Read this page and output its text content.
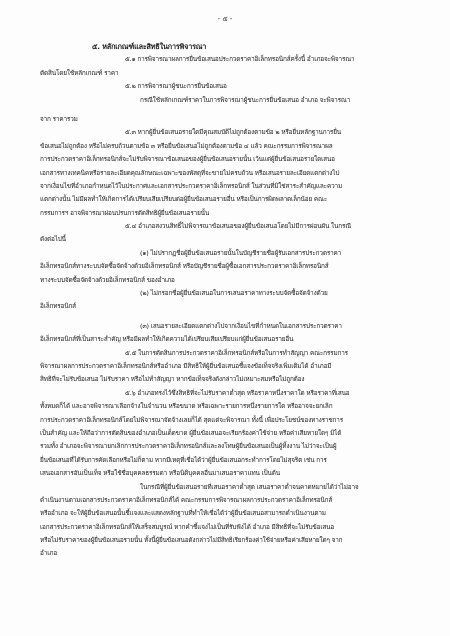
- ๕ -
๕. หลักเกณฑ์และสิทธิในการพิจารณา
๕.๑ การพิจารณาผลการยื่นข้อเสนอประกวดราคาอิเล็กทรอนิกส์ครั้งนี้ อำเภอจะพิจารณา
ตัดสินโดยใช้หลักเกณฑ์ ราคา
๕.๒ การพิจารณาผู้ชนะการยื่นข้อเสนอ
กรณีใช้หลักเกณฑ์ราคาในการพิจารณาผู้ชนะการยื่นข้อเสนอ อำเภอ จะพิจารณา
จาก ราคารวม
๕.๓ หากผู้ยื่นข้อเสนอรายใดมีคุณสมบัติไม่ถูกต้องตามข้อ ๒ หรือยื่นหลักฐานการยื่น
ข้อเสนอไม่ถูกต้อง หรือไม่ครบถ้วนตามข้อ ๓ หรือยื่นข้อเสนอไม่ถูกต้องตามข้อ ๔ แล้ว คณะกรรมการพิจารณาผล
การประกวดราคาอิเล็กทรอนิกส์จะไม่รับพิจารณาข้อเสนอของผู้ยื่นข้อเสนอรายนั้น เว้นแต่ผู้ยื่นข้อเสนอรายใดเสนอ
เอกสารทางเทคนิคหรือรายละเอียดคุณลักษณะเฉพาะของพัสดุที่จะขายไม่ครบถ้วน หรือเสนอรายละเอียดแตกต่างไป
จากเงื่อนไขที่อำเภอกำหนดไว้ในประกาศและเอกสารประกวดราคาอิเล็กทรอนิกส์ ในส่วนที่มิใช่สาระสำคัญและความ
แตกต่างนั้น ไม่มีผลทำให้เกิดการได้เปรียบเสียเปรียบต่อผู้ยื่นข้อเสนอรายอื่น หรือเป็นการผิดพลาดเล็กน้อย คณะ
กรรมการฯ อาจพิจารณาผ่อนปรนการตัดสิทธิผู้ยื่นข้อเสนอรายนั้น
๕.๔ อำเภอสงวนสิทธิ์ไม่พิจารณาข้อเสนอของผู้ยื่นข้อเสนอโดยไม่มีการผ่อนผัน ในกรณี
ดังต่อไปนี้
(๑) ไม่ปรากฏชื่อผู้ยื่นข้อเสนอรายนั้นในบัญชีรายชื่อผู้รับเอกสารประกวดราคา
อิเล็กทรอนิกส์ทางระบบจัดซื้อจัดจ้างด้วยอิเล็กทรอนิกส์ หรือบัญชีรายชื่อผู้ซื้อเอกสารประกวดราคาอิเล็กทรอนิกส์
ทางระบบจัดซื้อจัดจ้างด้วยอิเล็กทรอนิกส์ ของอำเภอ
(๒) ไม่กรอกชื่อผู้ยื่นข้อเสนอในการเสนอราคาทางระบบจัดซื้อจัดจ้างด้วย
อิเล็กทรอนิกส์
(๓) เสนอรายละเอียดแตกต่างไปจากเงื่อนไขที่กำหนดในเอกสารประกวดราคา
อิเล็กทรอนิกส์ที่เป็นสาระสำคัญ หรือมีผลทำให้เกิดความได้เปรียบเสียเปรียบแก่ผู้ยื่นข้อเสนอรายอื่น
๕.๕ ในการตัดสินการประกวดราคาอิเล็กทรอนิกส์หรือในการทำสัญญา คณะกรรมการ
พิจารณาผลการประกวดราคาอิเล็กทรอนิกส์หรืออำเภอ มีสิทธิให้ผู้ยื่นข้อเสนอชี้แจงข้อเท็จจริงเพิ่มเติมได้ อำเภอมี
สิทธิที่จะไม่รับข้อเสนอ ไม่รับราคา หรือไม่ทำสัญญา หากข้อเท็จจริงดังกล่าวไม่เหมาะสมหรือไม่ถูกต้อง
๕.๖ อำเภอทรงไว้ซึ่งสิทธิที่จะไม่รับราคาต่ำสุด หรือราคาหนึ่งราคาใด หรือราคาที่เสนอ
ทั้งหมดก็ได้ และอาจพิจารณาเลือกจ้างในจำนวน หรือขนาด หรือเฉพาะรายการหนึ่งรายการใด หรืออาจจะยกเลิก
การประกวดราคาอิเล็กทรอนิกส์โดยไม่พิจารณาจัดจ้างเลยก็ได้ สุดแต่จะพิจารณา ทั้งนี้ เพื่อประโยชน์ของทางราชการ
เป็นสำคัญ และให้ถือว่าการตัดสินของอำเภอเป็นเด็ดขาด ผู้ยื่นข้อเสนอจะเรียกร้องค่าใช้จ่าย หรือค่าเสียหายใดๆ มิได้
รวมทั้ง อำเภอจะพิจารณายกเลิกการประกวดราคาอิเล็กทรอนิกส์และลงโทษผู้ยื่นข้อเสนอเป็นผู้ทิ้งงาน ไม่ว่าจะเป็นผู้
ยื่นข้อเสนอที่ได้รับการคัดเลือกหรือไม่ก็ตาม หากมีเหตุที่เชื่อได้ว่าผู้ยื่นข้อเสนอกระทำการโดยไม่สุจริต เช่น การ
เสนอเอกสารอันเป็นเท็จ หรือใช้ชื่อบุคคลธรรมดา หรือนิติบุคคลอื่นมาเสนอราคาแทน เป็นต้น
ในกรณีที่ผู้ยื่นข้อเสนอรายที่เสนอราคาต่ำสุด เสนอราคาต่ำจนคาดหมายได้ว่าไม่อาจ
ดำเนินงานตามเอกสารประกวดราคาอิเล็กทรอนิกส์ได้ คณะกรรมการพิจารณาผลการประกวดราคาอิเล็กทรอนิกส์
หรืออำเภอ จะให้ผู้ยื่นข้อเสนอนั้นชี้แจงและแสดงหลักฐานที่ทำให้เชื่อได้ว่าผู้ยื่นข้อเสนอสามารถดำเนินงานตาม
เอกสารประกวดราคาอิเล็กทรอนิกส์ให้เสร็จสมบูรณ์ หากคำชี้แจงไม่เป็นที่รับฟังได้ อำเภอ มีสิทธิที่จะไม่รับข้อเสนอ
หรือไม่รับราคาของผู้ยื่นข้อเสนอรายนั้น ทั้งนี้ผู้ยื่นข้อเสนอดังกล่าวไม่มีสิทธิเรียกร้องค่าใช้จ่ายหรือค่าเสียหายใดๆ จาก
อำเภอ
